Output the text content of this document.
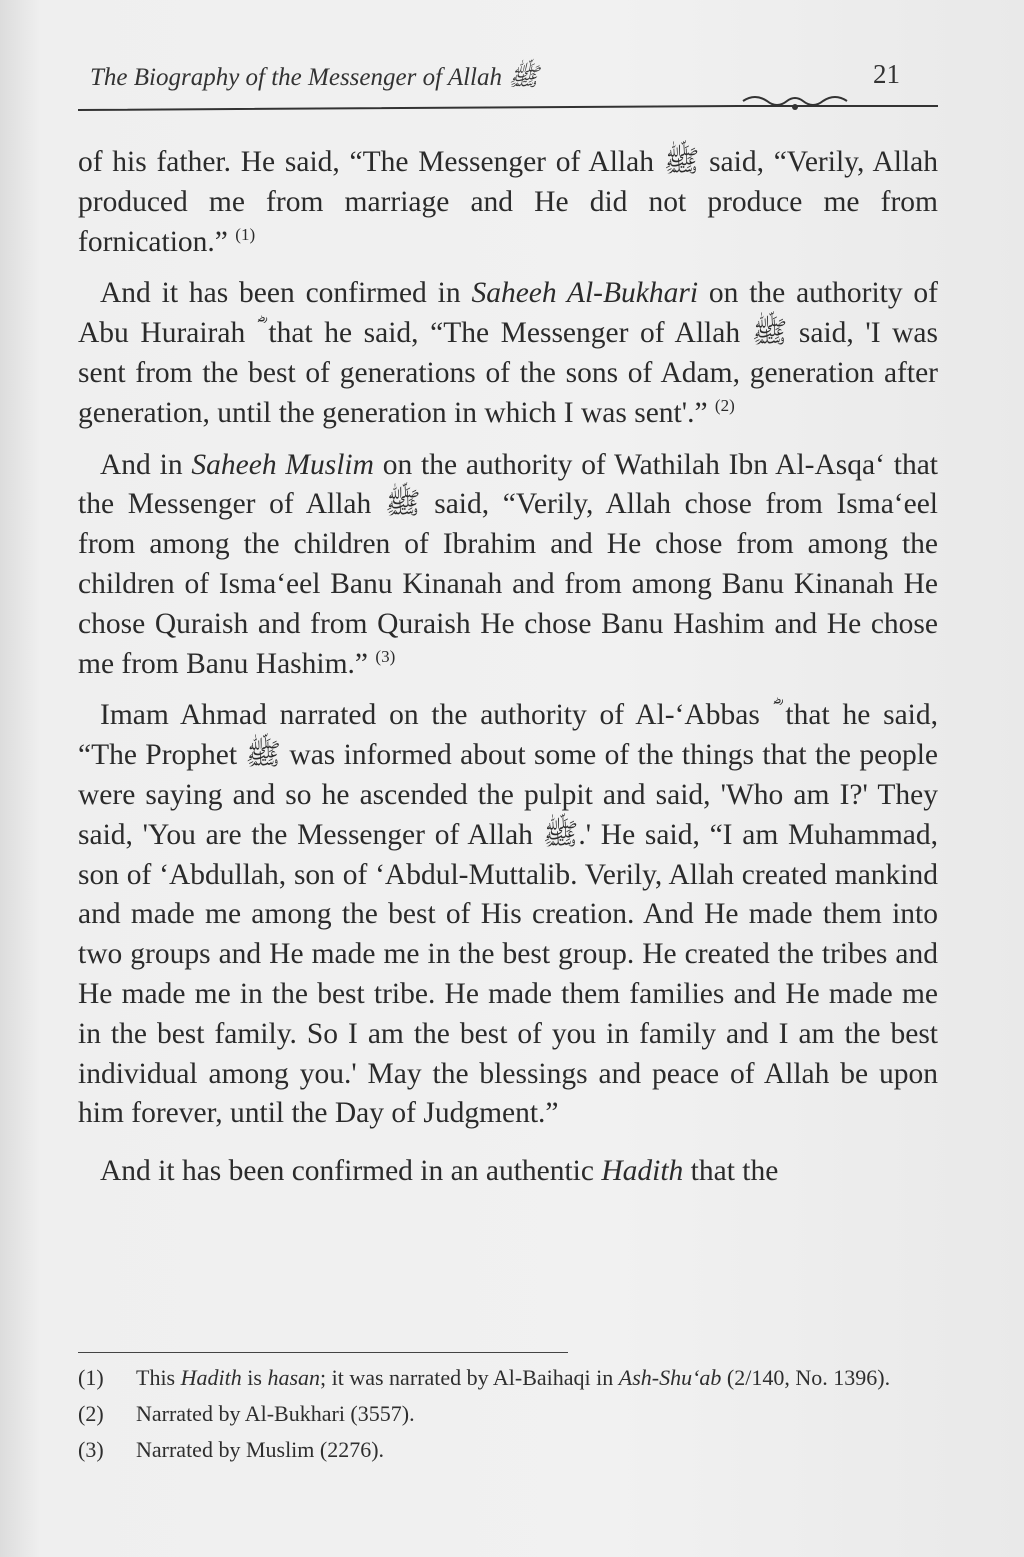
The Biography of the Messenger of Allah ﷺ	21

of his father. He said, “The Messenger of Allah ﷺ said, “Verily, Allah produced me from marriage and He did not produce me from fornication.” $^{(1)}$

And it has been confirmed in Saheeh Al-Bukhari on the authority of Abu Hurairah ؓ that he said, “The Messenger of Allah ﷺ said, 'I was sent from the best of generations of the sons of Adam, generation after generation, until the generation in which I was sent'.” $^{(2)}$

And in Saheeh Muslim on the authority of Wathilah Ibn Al-Asqa‘ that the Messenger of Allah ﷺ said, “Verily, Allah chose from Isma‘eel from among the children of Ibrahim and He chose from among the children of Isma‘eel Banu Kinanah and from among Banu Kinanah He chose Quraish and from Quraish He chose Banu Hashim and He chose me from Banu Hashim.” $^{(3)}$

Imam Ahmad narrated on the authority of Al-‘Abbas ؓ that he said, “The Prophet ﷺ was informed about some of the things that the people were saying and so he ascended the pulpit and said, 'Who am I?' They said, 'You are the Messenger of Allah ﷺ.' He said, “I am Muhammad, son of ‘Abdullah, son of ‘Abdul-Muttalib. Verily, Allah created mankind and made me among the best of His creation. And He made them into two groups and He made me in the best group. He created the tribes and He made me in the best tribe. He made them families and He made me in the best family. So I am the best of you in family and I am the best individual among you.' May the blessings and peace of Allah be upon him forever, until the Day of Judgment.”

And it has been confirmed in an authentic Hadith that the

(1)	This Hadith is hasan; it was narrated by Al-Baihaqi in Ash-Shu‘ab (2/140, No. 1396).
(2)	Narrated by Al-Bukhari (3557).
(3)	Narrated by Muslim (2276).
